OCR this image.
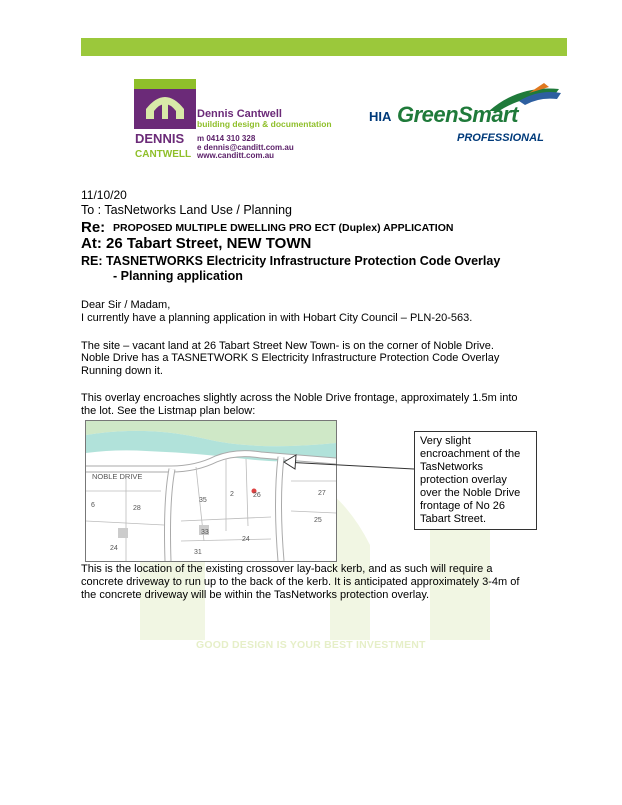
GOOD DESIGN IS YOUR BEST INVESTMENT
DENNIS
CANTWELL
Dennis Cantwell
building design & documentation
m 0414 310 328
e dennis@canditt.com.au
www.canditt.com.au
HIA GreenSmart
PROFESSIONAL
11/10/20
To : TasNetworks Land Use / Planning
Re: PROPOSED MULTIPLE DWELLING PRO ECT (Duplex) APPLICATION
At: 26 Tabart Street, NEW TOWN
RE: TASNETWORKS Electricity Infrastructure Protection Code Overlay
- Planning application
Dear Sir / Madam,
I currently have a planning application in with Hobart City Council – PLN-20-563.
The site – vacant land at 26 Tabart Street New Town- is on the corner of Noble Drive.
Noble Drive has a TASNETWORK S Electricity Infrastructure Protection Code Overlay
Running down it.
This overlay encroaches slightly across the Noble Drive frontage, approximately 1.5m into
the lot. See the Listmap plan below:
NOBLE DRIVE
6	28
35
2	26	27
25
24
33
31
24
Very slight encroachment of the TasNetworks protection overlay over the Noble Drive frontage of No 26 Tabart Street.
This is the location of the existing crossover lay-back kerb, and as such will require a
concrete driveway to run up to the back of the kerb. It is anticipated approximately 3-4m of
the concrete driveway will be within the TasNetworks protection overlay.
